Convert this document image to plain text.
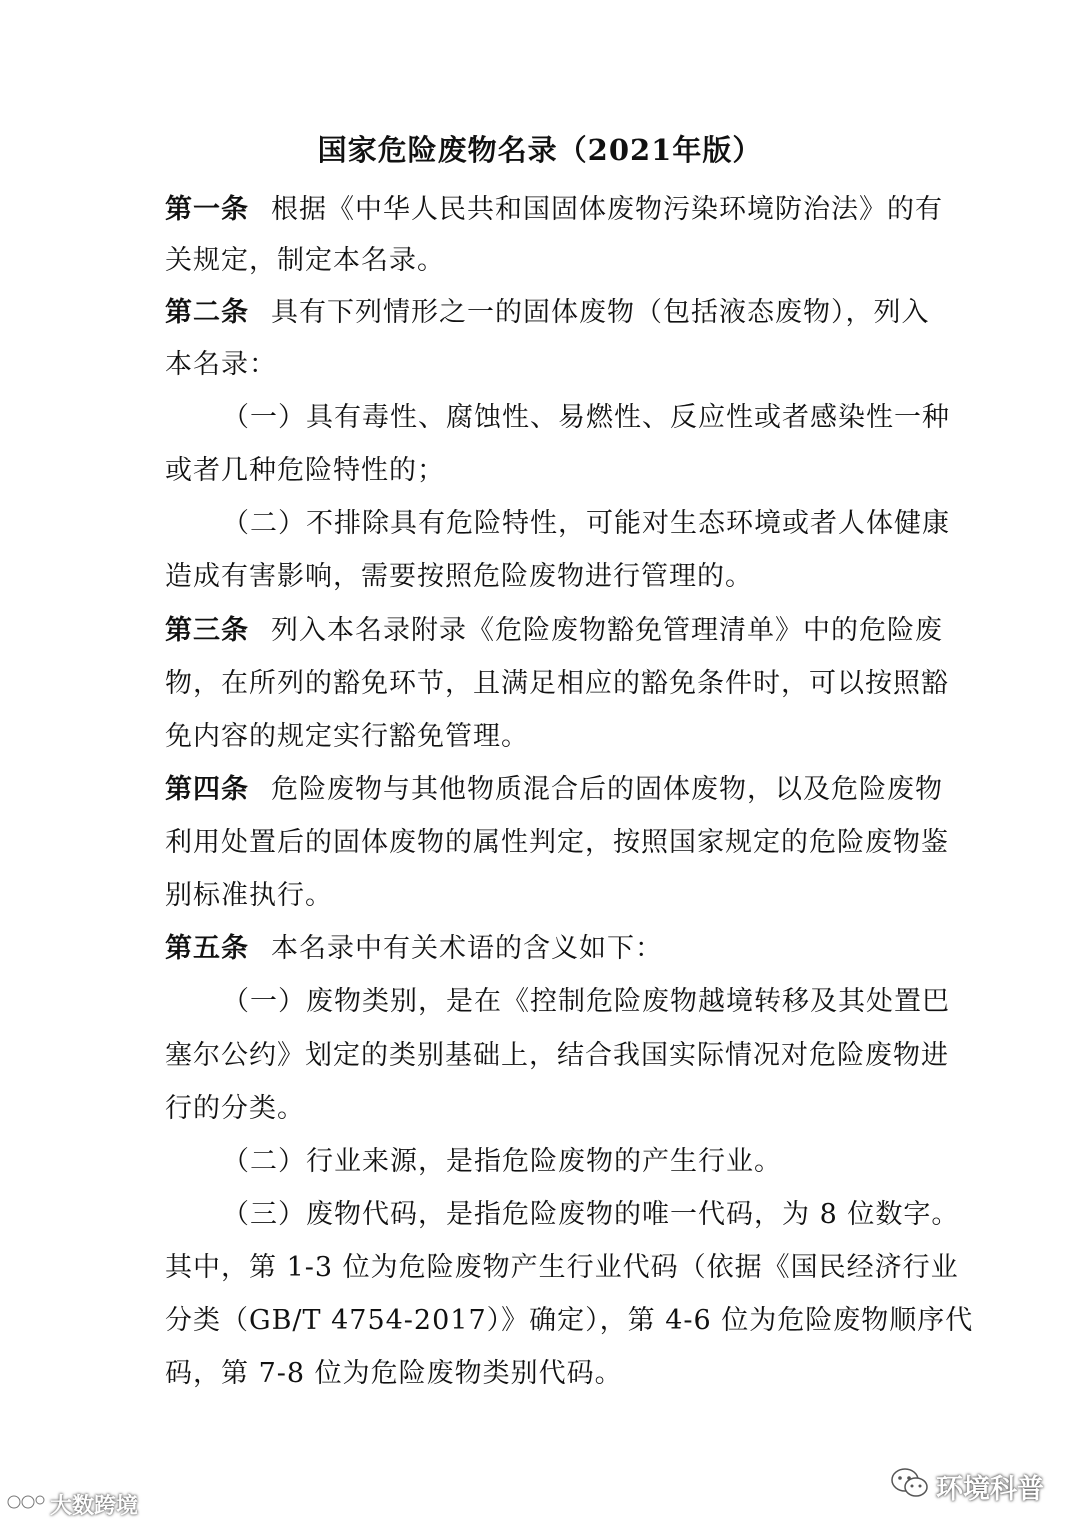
国家危险废物名录（2021年版）
第一条 根据《中华人民共和国固体废物污染环境防治法》的有
关规定，制定本名录。
第二条 具有下列情形之一的固体废物（包括液态废物），列入
本名录：
（一）具有毒性、腐蚀性、易燃性、反应性或者感染性一种
或者几种危险特性的；
（二）不排除具有危险特性，可能对生态环境或者人体健康
造成有害影响，需要按照危险废物进行管理的。
第三条 列入本名录附录《危险废物豁免管理清单》中的危险废
物，在所列的豁免环节，且满足相应的豁免条件时，可以按照豁
免内容的规定实行豁免管理。
第四条 危险废物与其他物质混合后的固体废物，以及危险废物
利用处置后的固体废物的属性判定，按照国家规定的危险废物鉴
别标准执行。
第五条 本名录中有关术语的含义如下：
（一）废物类别，是在《控制危险废物越境转移及其处置巴
塞尔公约》划定的类别基础上，结合我国实际情况对危险废物进
行的分类。
（二）行业来源，是指危险废物的产生行业。
（三）废物代码，是指危险废物的唯一代码，为 8 位数字。
其中，第 1-3 位为危险废物产生行业代码（依据《国民经济行业
分类（GB/T 4754-2017）》确定），第 4-6 位为危险废物顺序代
码，第 7-8 位为危险废物类别代码。
环境科普
大数跨境
